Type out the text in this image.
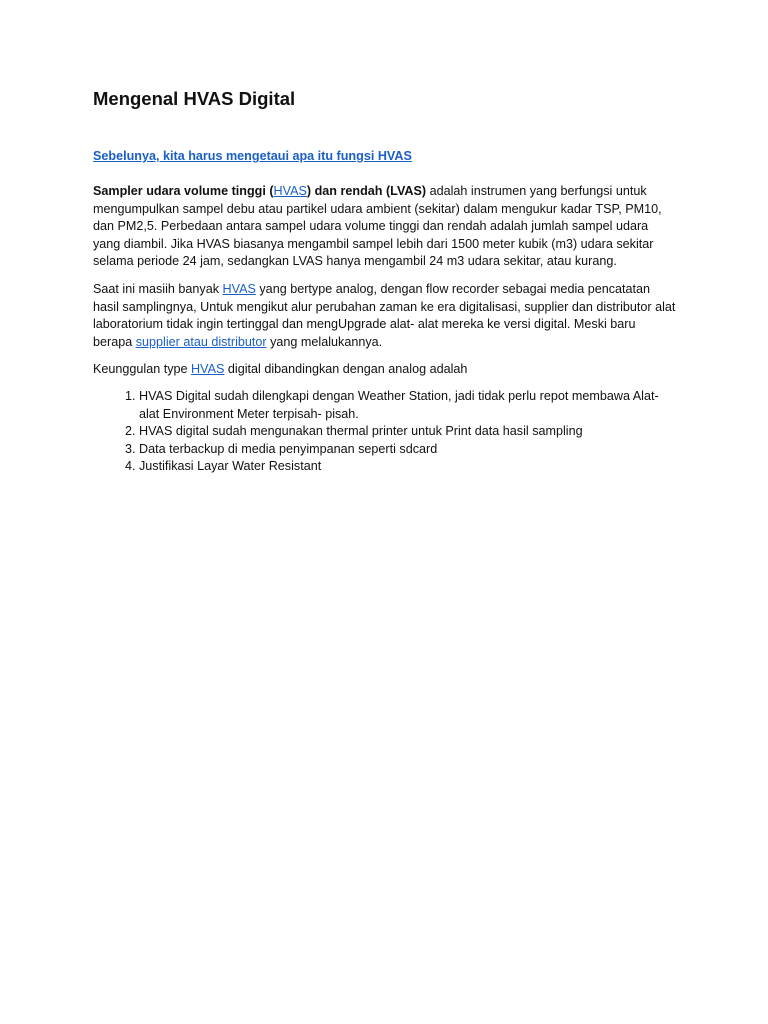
Mengenal HVAS Digital
Sebelunya, kita harus mengetaui apa itu fungsi HVAS

Sampler udara volume tinggi (HVAS) dan rendah (LVAS) adalah instrumen yang berfungsi untuk mengumpulkan sampel debu atau partikel udara ambient (sekitar) dalam mengukur kadar TSP, PM10, dan PM2,5. Perbedaan antara sampel udara volume tinggi dan rendah adalah jumlah sampel udara yang diambil. Jika HVAS biasanya mengambil sampel lebih dari 1500 meter kubik (m3) udara sekitar selama periode 24 jam, sedangkan LVAS hanya mengambil 24 m3 udara sekitar, atau kurang.

Saat ini masiih banyak HVAS yang bertype analog, dengan flow recorder sebagai media pencatatan hasil samplingnya, Untuk mengikut alur perubahan zaman ke era digitalisasi, supplier dan distributor alat laboratorium tidak ingin tertinggal dan mengUpgrade alat- alat mereka ke versi digital. Meski baru berapa supplier atau distributor yang melalukannya.

Keunggulan type HVAS digital dibandingkan dengan analog adalah

1. HVAS Digital sudah dilengkapi dengan Weather Station, jadi tidak perlu repot membawa Alat-alat Environment Meter terpisah- pisah.
2. HVAS digital sudah mengunakan thermal printer untuk Print data hasil sampling
3. Data terbackup di media penyimpanan seperti sdcard
4. Justifikasi Layar Water Resistant
